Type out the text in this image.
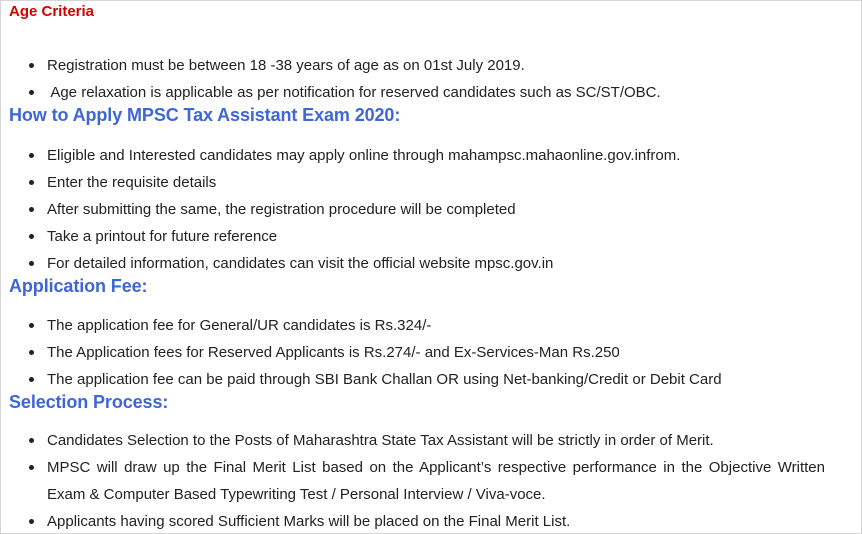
Age Criteria
Registration must be between 18 -38 years of age as on 01st July 2019.
Age relaxation is applicable as per notification for reserved candidates such as SC/ST/OBC.
How to Apply MPSC Tax Assistant Exam 2020:
Eligible and Interested candidates may apply online through mahampsc.mahaonline.gov.infrom.
Enter the requisite details
After submitting the same, the registration procedure will be completed
Take a printout for future reference
For detailed information, candidates can visit the official website mpsc.gov.in
Application Fee:
The application fee for General/UR candidates is Rs.324/-
The Application fees for Reserved Applicants is Rs.274/- and Ex-Services-Man Rs.250
The application fee can be paid through SBI Bank Challan OR using Net-banking/Credit or Debit Card
Selection Process:
Candidates Selection to the Posts of Maharashtra State Tax Assistant will be strictly in order of Merit.
MPSC will draw up the Final Merit List based on the Applicant’s respective performance in the Objective Written Exam & Computer Based Typewriting Test / Personal Interview / Viva-voce.
Applicants having scored Sufficient Marks will be placed on the Final Merit List.
